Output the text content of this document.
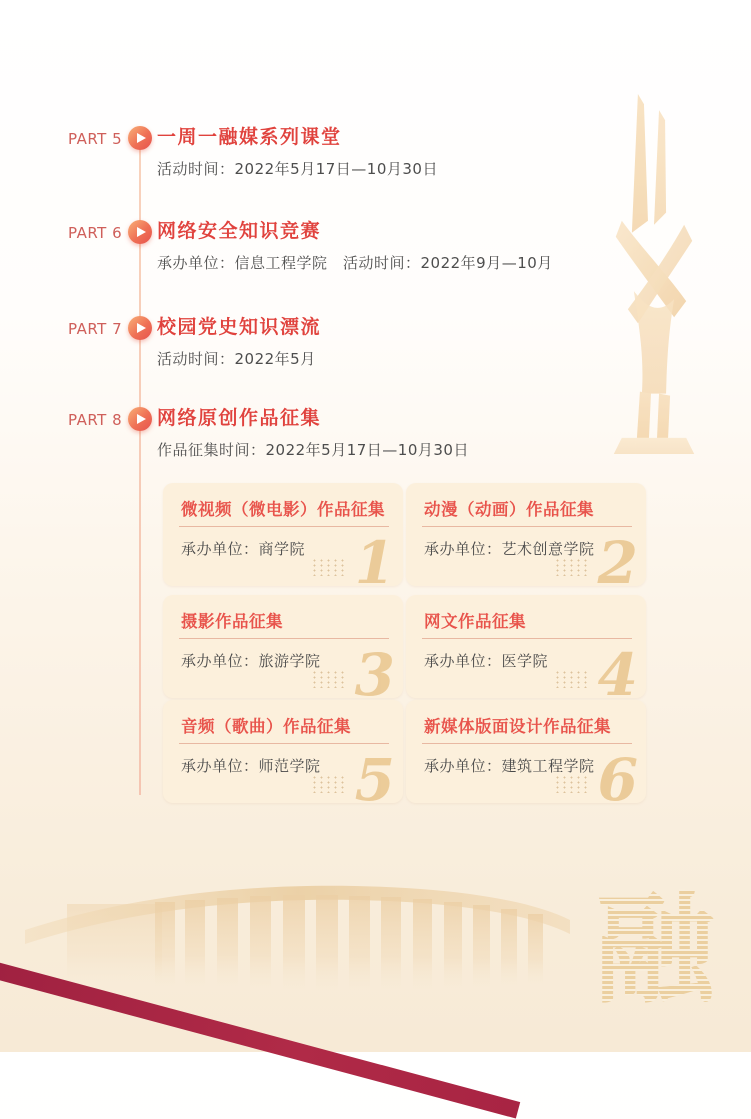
PART 5 一周一融媒系列课堂

活动时间：2022年5月17日—10月30日

PART 6 网络安全知识竞赛

承办单位：信息工程学院　活动时间：2022年9月—10月

PART 7 校园党史知识漂流

活动时间：2022年5月

PART 8 网络原创作品征集

作品征集时间：2022年5月17日—10月30日

微视频（微电影）作品征集
承办单位：商学院 1
动漫（动画）作品征集
承办单位：艺术创意学院 2
摄影作品征集
承办单位：旅游学院 3
网文作品征集
承办单位：医学院 4
音频（歌曲）作品征集
承办单位：师范学院 5
新媒体版面设计作品征集
承办单位：建筑工程学院 6
融
